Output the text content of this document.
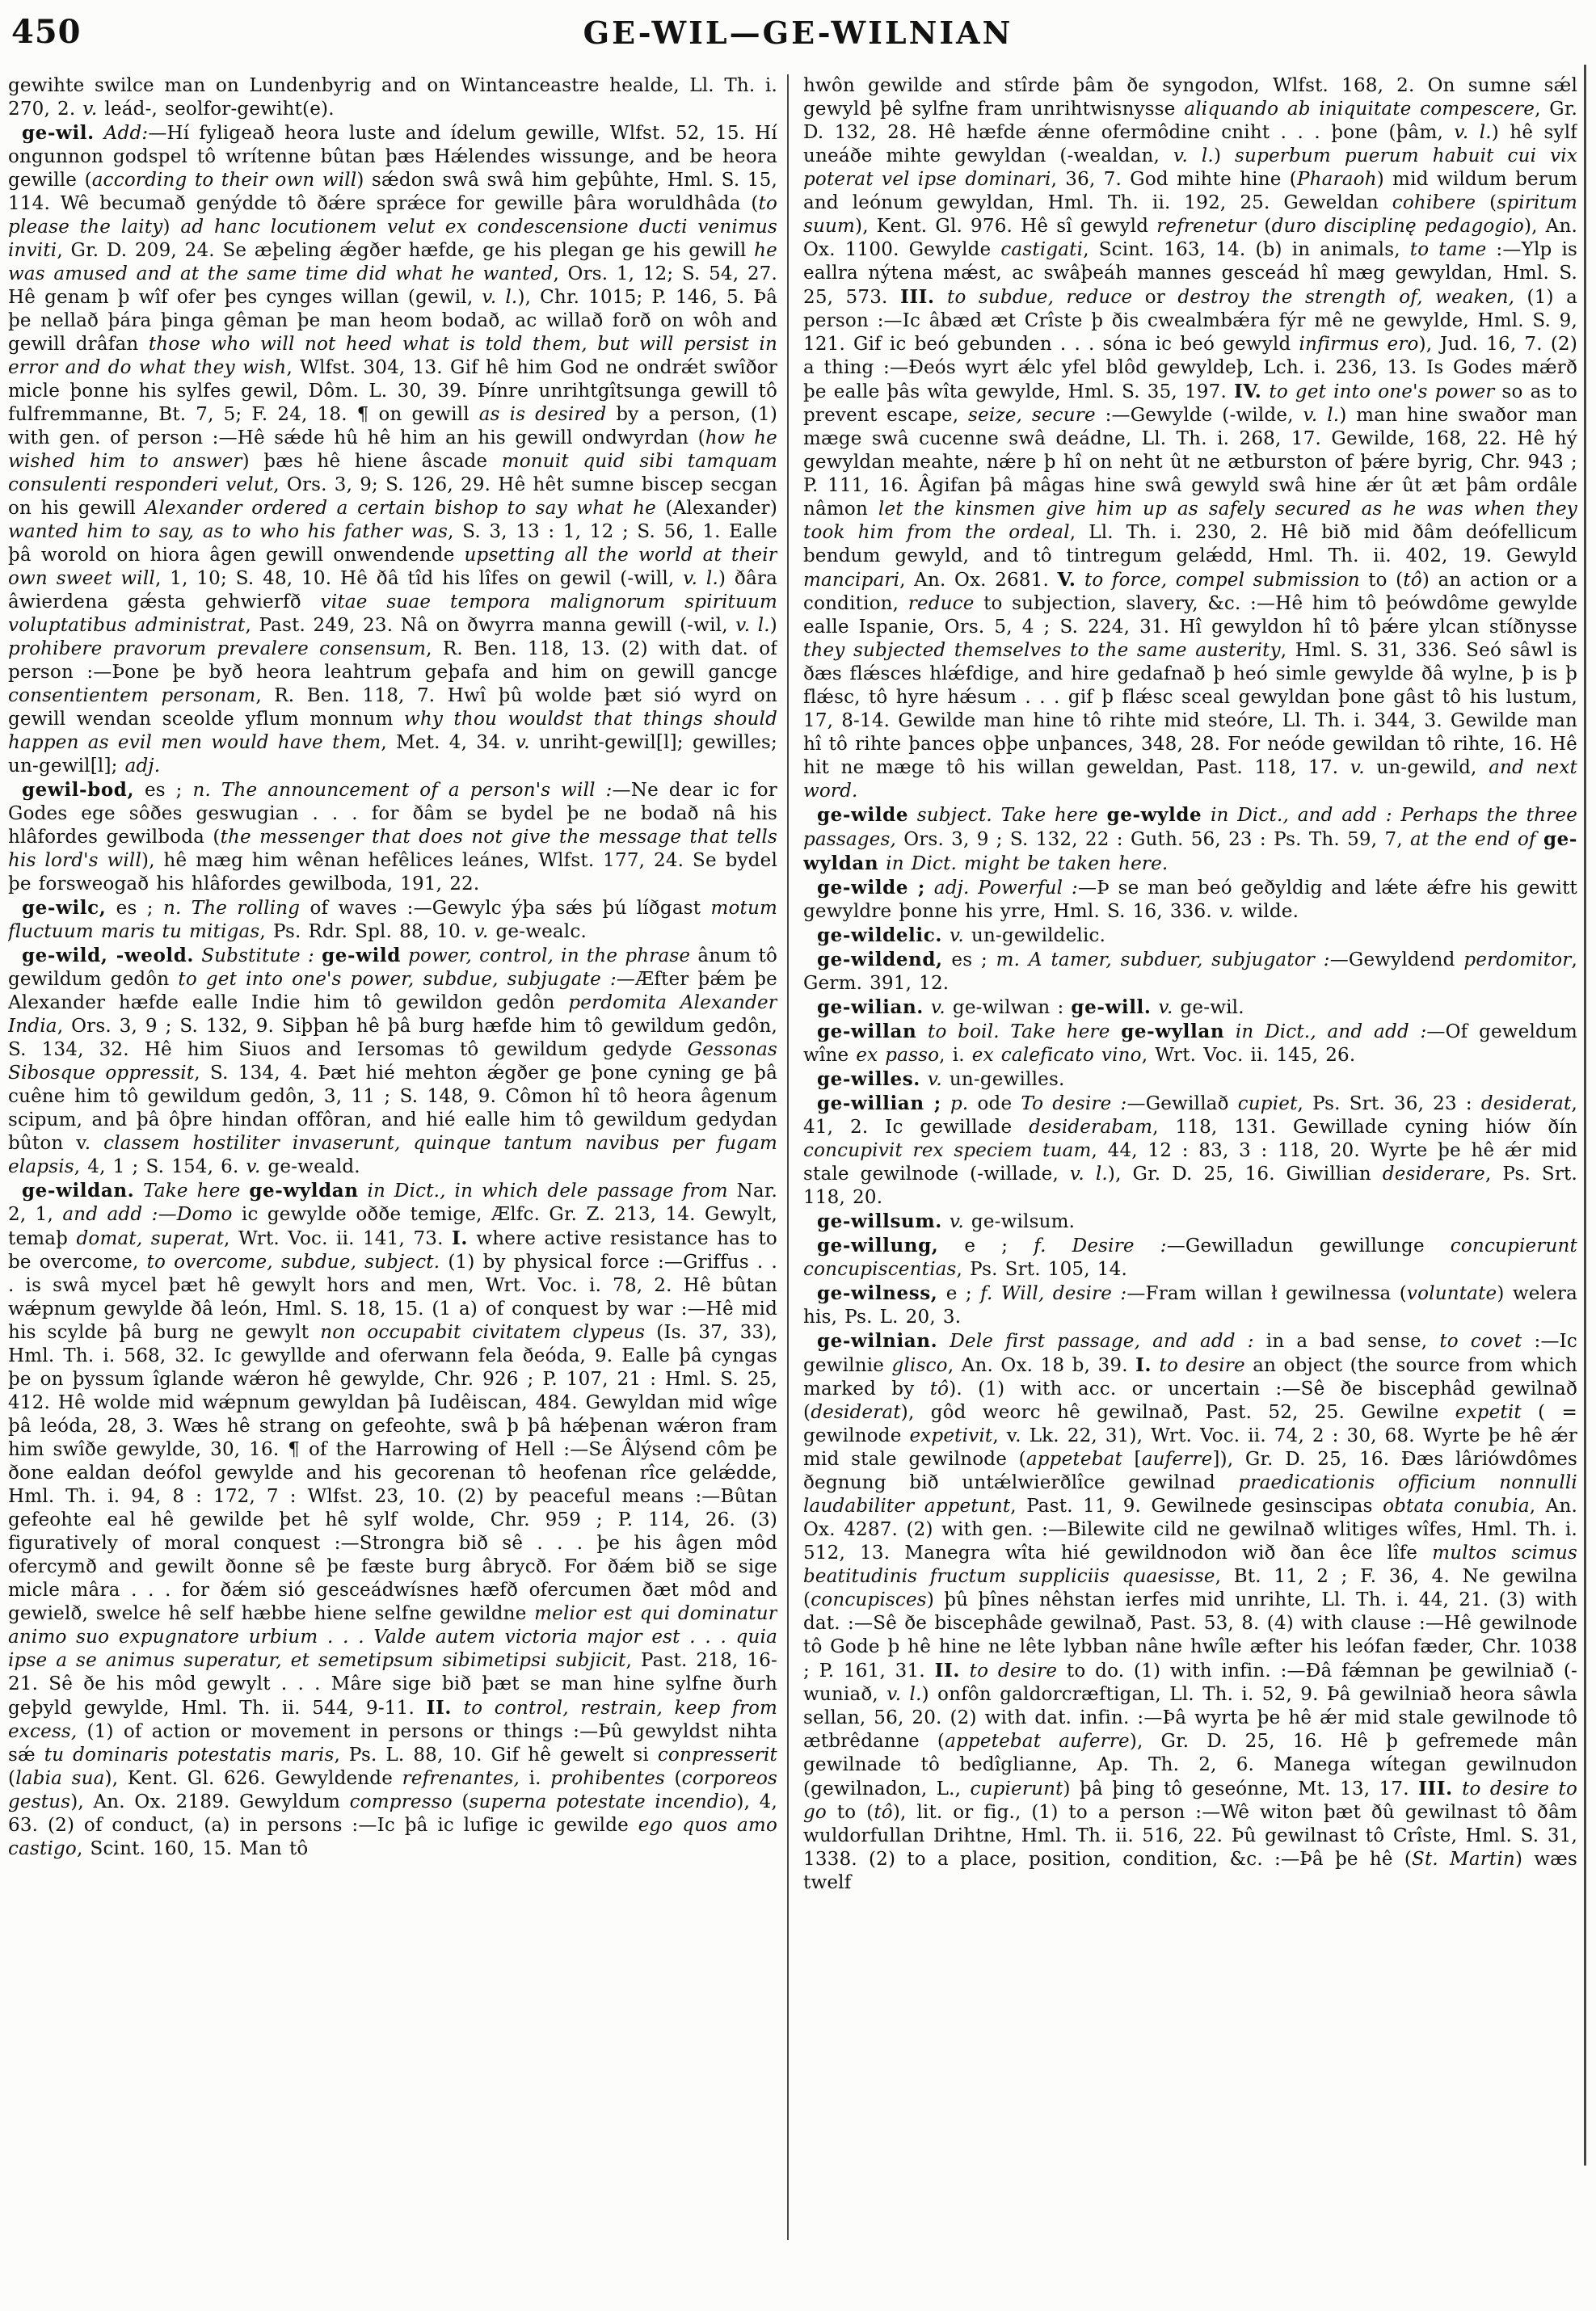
450	GE-WIL—GE-WILNIAN

gewihte swilce man on Lundenbyrig and on Wintanceastre healde, Ll. Th. i. 270, 2. v. leád-, seolfor-gewiht(e).

ge-wil. Add:—Hí fyligeað heora luste and ídelum gewille, Wlfst. 52, 15. Hí ongunnon godspel tô wrítenne bûtan þæs Hǽlendes wissunge, and be heora gewille (according to their own will) sǽdon swâ swâ him geþûhte, Hml. S. 15, 114. Wê becumað genýdde tô ðǽre sprǽce for gewille þâra woruldhâda (to please the laity) ad hanc locutionem velut ex condescensione ducti venimus inviti, Gr. D. 209, 24. Se æþeling ǽgðer hæfde, ge his plegan ge his gewill he was amused and at the same time did what he wanted, Ors. 1, 12; S. 54, 27. Hê genam þ wîf ofer þes cynges willan (gewil, v. l.), Chr. 1015; P. 146, 5. Þâ þe nellað þára þinga gêman þe man heom bodað, ac willað forð on wôh and gewill drâfan those who will not heed what is told them, but will persist in error and do what they wish, Wlfst. 304, 13. Gif hê him God ne ondrǽt swîðor micle þonne his sylfes gewil, Dôm. L. 30, 39. Þínre unrihtgîtsunga gewill tô fulfremmanne, Bt. 7, 5; F. 24, 18. ¶ on gewill as is desired by a person, (1) with gen. of person :—Hê sǽde hû hê him an his gewill ondwyrdan (how he wished him to answer) þæs hê hiene âscade monuit quid sibi tamquam consulenti responderi velut, Ors. 3, 9; S. 126, 29. Hê hêt sumne biscep secgan on his gewill Alexander ordered a certain bishop to say what he (Alexander) wanted him to say, as to who his father was, S. 3, 13 : 1, 12 ; S. 56, 1. Ealle þâ worold on hiora âgen gewill onwendende upsetting all the world at their own sweet will, 1, 10; S. 48, 10. Hê ðâ tîd his lîfes on gewil (-will, v. l.) ðâra âwierdena gǽsta gehwierfð vitae suae tempora malignorum spirituum voluptatibus administrat, Past. 249, 23. Nâ on ðwyrra manna gewill (-wil, v. l.) prohibere pravorum prevalere consensum, R. Ben. 118, 13. (2) with dat. of person :—Þone þe byð heora leahtrum geþafa and him on gewill gancge consentientem personam, R. Ben. 118, 7. Hwî þû wolde þæt sió wyrd on gewill wendan sceolde yflum monnum why thou wouldst that things should happen as evil men would have them, Met. 4, 34. v. unriht-gewil[l]; gewilles; un-gewil[l]; adj.

gewil-bod, es ; n. The announcement of a person's will :—Ne dear ic for Godes ege sôðes geswugian . . . for ðâm se bydel þe ne bodað nâ his hlâfordes gewilboda (the messenger that does not give the message that tells his lord's will), hê mæg him wênan hefêlices leánes, Wlfst. 177, 24. Se bydel þe forsweogað his hlâfordes gewilboda, 191, 22.

ge-wilc, es ; n. The rolling of waves :—Gewylc ýþa sǽs þú líðgast motum fluctuum maris tu mitigas, Ps. Rdr. Spl. 88, 10. v. ge-wealc.

ge-wild, -weold. Substitute : ge-wild power, control, in the phrase ânum tô gewildum gedôn to get into one's power, subdue, subjugate :—Æfter þǽm þe Alexander hæfde ealle Indie him tô gewildon gedôn perdomita Alexander India, Ors. 3, 9 ; S. 132, 9. Siþþan hê þâ burg hæfde him tô gewildum gedôn, S. 134, 32. Hê him Siuos and Iersomas tô gewildum gedyde Gessonas Sibosque oppressit, S. 134, 4. Þæt hié mehton ǽgðer ge þone cyning ge þâ cuêne him tô gewildum gedôn, 3, 11 ; S. 148, 9. Cômon hî tô heora âgenum scipum, and þâ ôþre hindan offôran, and hié ealle him tô gewildum gedydan bûton v. classem hostiliter invaserunt, quinque tantum navibus per fugam elapsis, 4, 1 ; S. 154, 6. v. ge-weald.

ge-wildan. Take here ge-wyldan in Dict., in which dele passage from Nar. 2, 1, and add :—Domo ic gewylde oððe temige, Ælfc. Gr. Z. 213, 14. Gewylt, temaþ domat, superat, Wrt. Voc. ii. 141, 73. I. where active resistance has to be overcome, to overcome, subdue, subject. (1) by physical force :—Griffus . . . is swâ mycel þæt hê gewylt hors and men, Wrt. Voc. i. 78, 2. Hê bûtan wǽpnum gewylde ðâ león, Hml. S. 18, 15. (1 a) of conquest by war :—Hê mid his scylde þâ burg ne gewylt non occupabit civitatem clypeus (Is. 37, 33), Hml. Th. i. 568, 32. Ic gewyllde and oferwann fela ðeóda, 9. Ealle þâ cyngas þe on þyssum îglande wǽron hê gewylde, Chr. 926 ; P. 107, 21 : Hml. S. 25, 412. Hê wolde mid wǽpnum gewyldan þâ Iudêiscan, 484. Gewyldan mid wîge þâ leóda, 28, 3. Wæs hê strang on gefeohte, swâ þ þâ hǽþenan wǽron fram him swîðe gewylde, 30, 16. ¶ of the Harrowing of Hell :—Se Âlýsend côm þe ðone ealdan deófol gewylde and his gecorenan tô heofenan rîce gelǽdde, Hml. Th. i. 94, 8 : 172, 7 : Wlfst. 23, 10. (2) by peaceful means :—Bûtan gefeohte eal hê gewilde þet hê sylf wolde, Chr. 959 ; P. 114, 26. (3) figuratively of moral conquest :—Strongra bið sê . . . þe his âgen môd ofercymð and gewilt ðonne sê þe fæste burg âbrycð. For ðǽm bið se sige micle mâra . . . for ðǽm sió gesceádwísnes hæfð ofercumen ðæt môd and gewielð, swelce hê self hæbbe hiene selfne gewildne melior est qui dominatur animo suo expugnatore urbium . . . Valde autem victoria major est . . . quia ipse a se animus superatur, et semetipsum sibimetipsi subjicit, Past. 218, 16-21. Sê ðe his môd gewylt . . . Mâre sige bið þæt se man hine sylfne ðurh geþyld gewylde, Hml. Th. ii. 544, 9-11. II. to control, restrain, keep from excess, (1) of action or movement in persons or things :—Þû gewyldst nihta sǽ tu dominaris potestatis maris, Ps. L. 88, 10. Gif hê gewelt si conpresserit (labia sua), Kent. Gl. 626. Gewyldende refrenantes, i. prohibentes (corporeos gestus), An. Ox. 2189. Gewyldum compresso (superna potestate incendio), 4, 63. (2) of conduct, (a) in persons :—Ic þâ ic lufige ic gewilde ego quos amo castigo, Scint. 160, 15. Man tô

hwôn gewilde and stîrde þâm ðe syngodon, Wlfst. 168, 2. On sumne sǽl gewyld þê sylfne fram unrihtwisnysse aliquando ab iniquitate compescere, Gr. D. 132, 28. Hê hæfde ǽnne ofermôdine cniht . . . þone (þâm, v. l.) hê sylf uneáðe mihte gewyldan (-wealdan, v. l.) superbum puerum habuit cui vix poterat vel ipse dominari, 36, 7. God mihte hine (Pharaoh) mid wildum berum and leónum gewyldan, Hml. Th. ii. 192, 25. Geweldan cohibere (spiritum suum), Kent. Gl. 976. Hê sî gewyld refrenetur (duro disciplinę pedagogio), An. Ox. 1100. Gewylde castigati, Scint. 163, 14. (b) in animals, to tame :—Ylp is eallra nýtena mǽst, ac swâþeáh mannes gesceád hî mæg gewyldan, Hml. S. 25, 573. III. to subdue, reduce or destroy the strength of, weaken, (1) a person :—Ic âbæd æt Crîste þ ðis cwealmbǽra fýr mê ne gewylde, Hml. S. 9, 121. Gif ic beó gebunden . . . sóna ic beó gewyld infirmus ero), Jud. 16, 7. (2) a thing :—Ðeós wyrt ǽlc yfel blôd gewyldeþ, Lch. i. 236, 13. Is Godes mǽrð þe ealle þâs wîta gewylde, Hml. S. 35, 197. IV. to get into one's power so as to prevent escape, seize, secure :—Gewylde (-wilde, v. l.) man hine swaðor man mæge swâ cucenne swâ deádne, Ll. Th. i. 268, 17. Gewilde, 168, 22. Hê hý gewyldan meahte, nǽre þ hî on neht ût ne ætburston of þǽre byrig, Chr. 943 ; P. 111, 16. Âgifan þâ mâgas hine swâ gewyld swâ hine ǽr ût æt þâm ordâle nâmon let the kinsmen give him up as safely secured as he was when they took him from the ordeal, Ll. Th. i. 230, 2. Hê bið mid ðâm deófellicum bendum gewyld, and tô tintregum gelǽdd, Hml. Th. ii. 402, 19. Gewyld mancipari, An. Ox. 2681. V. to force, compel submission to (tô) an action or a condition, reduce to subjection, slavery, &c. :—Hê him tô þeówdôme gewylde ealle Ispanie, Ors. 5, 4 ; S. 224, 31. Hî gewyldon hî tô þǽre ylcan stíðnysse they subjected themselves to the same austerity, Hml. S. 31, 336. Seó sâwl is ðæs flǽsces hlǽfdige, and hire gedafnað þ heó simle gewylde ðâ wylne, þ is þ flǽsc, tô hyre hǽsum . . . gif þ flǽsc sceal gewyldan þone gâst tô his lustum, 17, 8-14. Gewilde man hine tô rihte mid steóre, Ll. Th. i. 344, 3. Gewilde man hî tô rihte þances oþþe unþances, 348, 28. For neóde gewildan tô rihte, 16. Hê hit ne mæge tô his willan geweldan, Past. 118, 17. v. un-gewild, and next word.

ge-wilde subject. Take here ge-wylde in Dict., and add : Perhaps the three passages, Ors. 3, 9 ; S. 132, 22 : Guth. 56, 23 : Ps. Th. 59, 7, at the end of ge-wyldan in Dict. might be taken here.

ge-wilde ; adj. Powerful :—Þ se man beó geðyldig and lǽte ǽfre his gewitt gewyldre þonne his yrre, Hml. S. 16, 336. v. wilde.

ge-wildelic. v. un-gewildelic.

ge-wildend, es ; m. A tamer, subduer, subjugator :—Gewyldend perdomitor, Germ. 391, 12.

ge-wilian. v. ge-wilwan : ge-will. v. ge-wil.

ge-willan to boil. Take here ge-wyllan in Dict., and add :—Of geweldum wîne ex passo, i. ex caleficato vino, Wrt. Voc. ii. 145, 26.

ge-willes. v. un-gewilles.

ge-willian ; p. ode To desire :—Gewillað cupiet, Ps. Srt. 36, 23 : desiderat, 41, 2. Ic gewillade desiderabam, 118, 131. Gewillade cyning hiów ðín concupivit rex speciem tuam, 44, 12 : 83, 3 : 118, 20. Wyrte þe hê ǽr mid stale gewilnode (-willade, v. l.), Gr. D. 25, 16. Giwillian desiderare, Ps. Srt. 118, 20.

ge-willsum. v. ge-wilsum.

ge-willung, e ; f. Desire :—Gewilladun gewillunge concupierunt concupiscentias, Ps. Srt. 105, 14.

ge-wilness, e ; f. Will, desire :—Fram willan ł gewilnessa (voluntate) welera his, Ps. L. 20, 3.

ge-wilnian. Dele first passage, and add : in a bad sense, to covet :—Ic gewilnie glisco, An. Ox. 18 b, 39. I. to desire an object (the source from which marked by tô). (1) with acc. or uncertain :—Sê ðe biscephâd gewilnað (desiderat), gôd weorc hê gewilnað, Past. 52, 25. Gewilne expetit ( = gewilnode expetivit, v. Lk. 22, 31), Wrt. Voc. ii. 74, 2 : 30, 68. Wyrte þe hê ǽr mid stale gewilnode (appetebat [auferre]), Gr. D. 25, 16. Ðæs lâriówdômes ðegnung bið untǽlwierðlîce gewilnad praedicationis officium nonnulli laudabiliter appetunt, Past. 11, 9. Gewilnede gesinscipas obtata conubia, An. Ox. 4287. (2) with gen. :—Bilewite cild ne gewilnað wlitiges wîfes, Hml. Th. i. 512, 13. Manegra wîta hié gewildnodon wið ðan êce lîfe multos scimus beatitudinis fructum suppliciis quaesisse, Bt. 11, 2 ; F. 36, 4. Ne gewilna (concupisces) þû þînes nêhstan ierfes mid unrihte, Ll. Th. i. 44, 21. (3) with dat. :—Sê ðe biscephâde gewilnað, Past. 53, 8. (4) with clause :—Hê gewilnode tô Gode þ hê hine ne lête lybban nâne hwîle æfter his leófan fæder, Chr. 1038 ; P. 161, 31. II. to desire to do. (1) with infin. :—Ðâ fǽmnan þe gewilniað (-wuniað, v. l.) onfôn galdorcræftigan, Ll. Th. i. 52, 9. Þâ gewilniað heora sâwla sellan, 56, 20. (2) with dat. infin. :—Þâ wyrta þe hê ǽr mid stale gewilnode tô ætbrêdanne (appetebat auferre), Gr. D. 25, 16. Hê þ gefremede mân gewilnade tô bedîglianne, Ap. Th. 2, 6. Manega wítegan gewilnudon (gewilnadon, L., cupierunt) þâ þing tô geseónne, Mt. 13, 17. III. to desire to go to (tô), lit. or fig., (1) to a person :—Wê witon þæt ðû gewilnast tô ðâm wuldorfullan Drihtne, Hml. Th. ii. 516, 22. Þû gewilnast tô Crîste, Hml. S. 31, 1338. (2) to a place, position, condition, &c. :—Þâ þe hê (St. Martin) wæs twelf
